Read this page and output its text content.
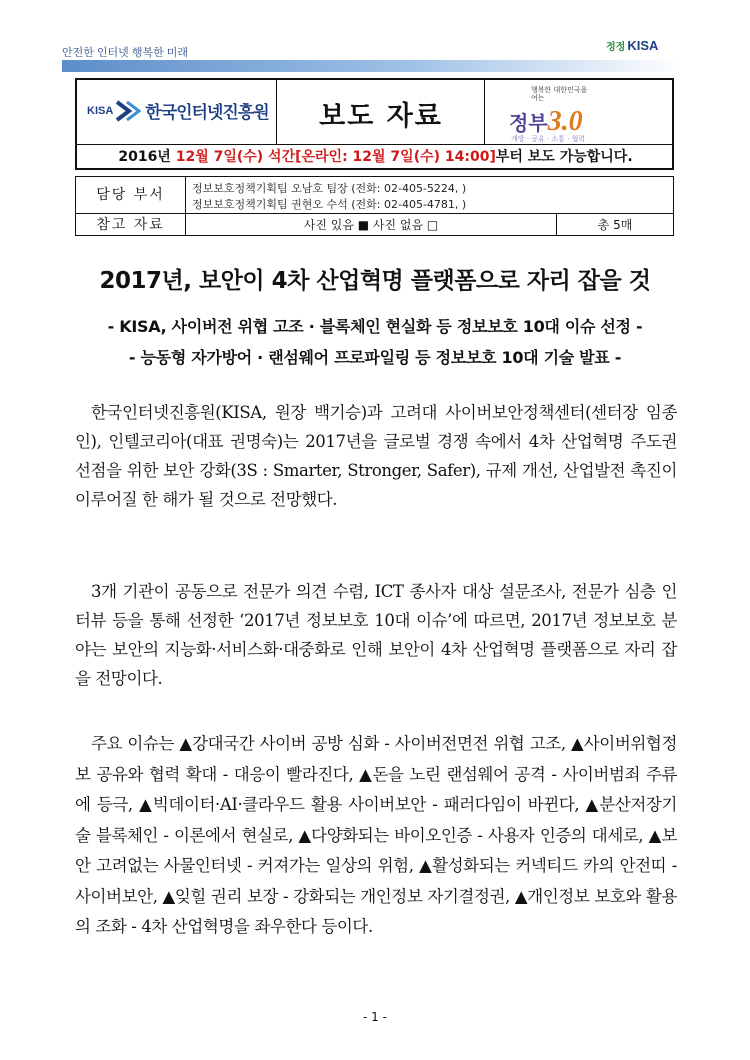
안전한 인터넷 행복한 미래	정정 KISA
KISA 한국인터넷진흥원	보도 자료
행복한 대한민국을 여는
정부3.0
개방 · 공유 · 소통 · 협력
2016년 12월 7일(수) 석간[온라인: 12월 7일(수) 14:00]부터 보도 가능합니다.
담당 부서	정보보호정책기획팀 오남호 팀장 (전화: 02-405-5224, )
정보보호정책기획팀 권현오 수석 (전화: 02-405-4781, )
참고 자료	사진 있음 ■ 사진 없음 □	총 5매
2017년, 보안이 4차 산업혁명 플랫폼으로 자리 잡을 것
- KISA, 사이버전 위협 고조 · 블록체인 현실화 등 정보보호 10대 이슈 선정 -
- 능동형 자가방어 · 랜섬웨어 프로파일링 등 정보보호 10대 기술 발표 -
한국인터넷진흥원(KISA, 원장 백기승)과 고려대 사이버보안정책센터(센터장 임종인), 인텔코리아(대표 권명숙)는 2017년을 글로벌 경쟁 속에서 4차 산업혁명 주도권 선점을 위한 보안 강화(3S : Smarter, Stronger, Safer), 규제 개선, 산업발전 촉진이 이루어질 한 해가 될 것으로 전망했다.
3개 기관이 공동으로 전문가 의견 수렴, ICT 종사자 대상 설문조사, 전문가 심층 인터뷰 등을 통해 선정한 ‘2017년 정보보호 10대 이슈’에 따르면, 2017년 정보보호 분야는 보안의 지능화·서비스화·대중화로 인해 보안이 4차 산업혁명 플랫폼으로 자리 잡을 전망이다.
주요 이슈는 ▲강대국간 사이버 공방 심화 - 사이버전면전 위협 고조, ▲사이버위협정보 공유와 협력 확대 - 대응이 빨라진다, ▲돈을 노린 랜섬웨어 공격 - 사이버범죄 주류에 등극, ▲빅데이터·AI·클라우드 활용 사이버보안 - 패러다임이 바뀐다, ▲분산저장기술 블록체인 - 이론에서 현실로, ▲다양화되는 바이오인증 - 사용자 인증의 대세로, ▲보안 고려없는 사물인터넷 - 커져가는 일상의 위험, ▲활성화되는 커넥티드 카의 안전띠 - 사이버보안, ▲잊힐 권리 보장 - 강화되는 개인정보 자기결정권, ▲개인정보 보호와 활용의 조화 - 4차 산업혁명을 좌우한다 등이다.
- 1 -
